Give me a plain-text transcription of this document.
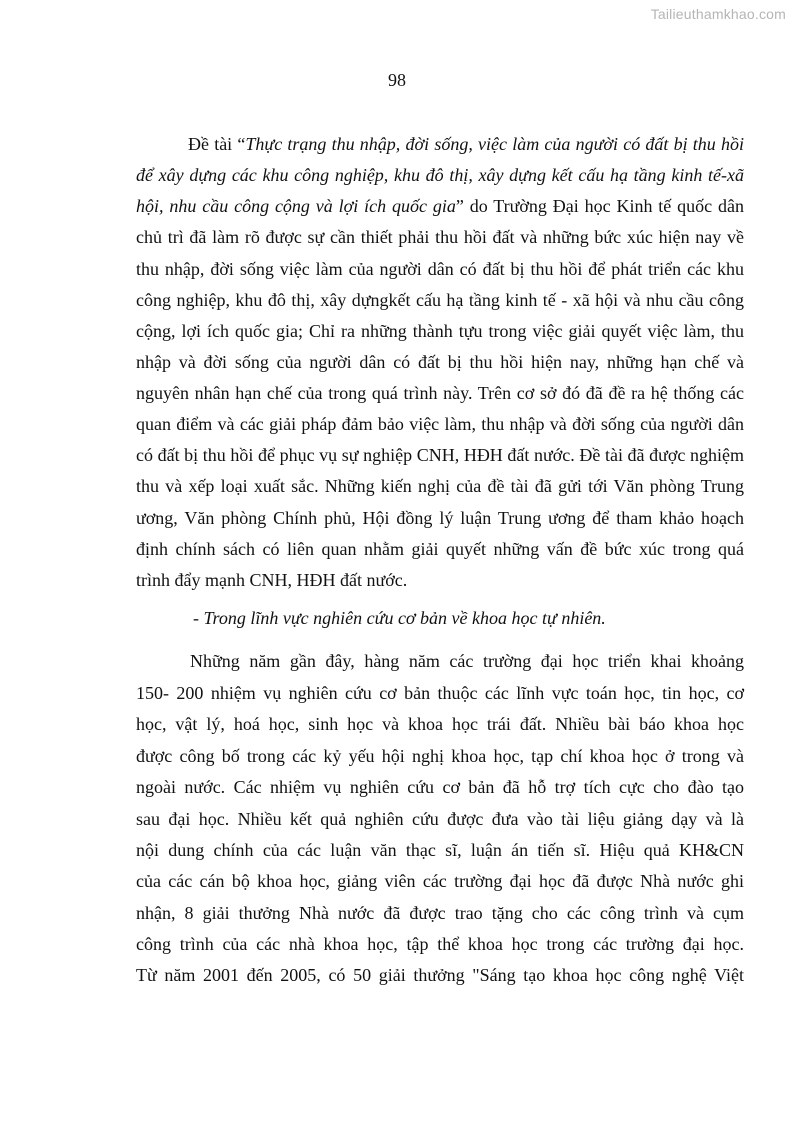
Tailieuthamkhao.com
98
Đề tài “Thực trạng thu nhập, đời sống, việc làm của người có đất bị thu hồi
để xây dựng các khu công nghiệp, khu đô thị, xây dựng kết cấu hạ tầng kinh tế-xã
hội, nhu cầu công cộng và lợi ích quốc gia” do Trường Đại học Kinh tế quốc dân
chủ trì đã làm rõ được sự cần thiết phải thu hồi đất và những bức xúc hiện nay về
thu nhập, đời sống việc làm của người dân có đất bị thu hồi để phát triển các khu
công nghiệp, khu đô thị, xây dựngkết cấu hạ tầng kinh tế - xã hội và nhu cầu công
cộng, lợi ích quốc gia; Chỉ ra những thành tựu trong việc giải quyết việc làm, thu
nhập và đời sống của người dân có đất bị thu hồi hiện nay, những hạn chế và
nguyên nhân hạn chế của trong quá trình này. Trên cơ sở đó đã đề ra hệ thống các
quan điểm và các giải pháp đảm bảo việc làm, thu nhập và đời sống của người dân
có đất bị thu hồi để phục vụ sự nghiệp CNH, HĐH đất nước. Đề tài đã được nghiệm
thu và xếp loại xuất sắc. Những kiến nghị của đề tài đã gửi tới Văn phòng Trung
ương, Văn phòng Chính phủ, Hội đồng lý luận Trung ương để tham khảo hoạch
định chính sách có liên quan nhằm giải quyết những vấn đề bức xúc trong quá
trình đẩy mạnh CNH, HĐH đất nước.
- Trong lĩnh vực nghiên cứu cơ bản về khoa học tự nhiên.
Những năm gần đây, hàng năm các trường đại học triển khai khoảng
150- 200 nhiệm vụ nghiên cứu cơ bản thuộc các lĩnh vực toán học, tin học, cơ
học, vật lý, hoá học, sinh học và khoa học trái đất. Nhiều bài báo khoa học
được công bố trong các kỷ yếu hội nghị khoa học, tạp chí khoa học ở trong và
ngoài nước. Các nhiệm vụ nghiên cứu cơ bản đã hỗ trợ tích cực cho đào tạo
sau đại học. Nhiều kết quả nghiên cứu được đưa vào tài liệu giảng dạy và là
nội dung chính của các luận văn thạc sĩ, luận án tiến sĩ. Hiệu quả KH&CN
của các cán bộ khoa học, giảng viên các trường đại học đã được Nhà nước ghi
nhận, 8 giải thưởng Nhà nước đã được trao tặng cho các công trình và cụm
công trình của các nhà khoa học, tập thể khoa học trong các trường đại học.
Từ năm 2001 đến 2005, có 50 giải thưởng "Sáng tạo khoa học công nghệ Việt
